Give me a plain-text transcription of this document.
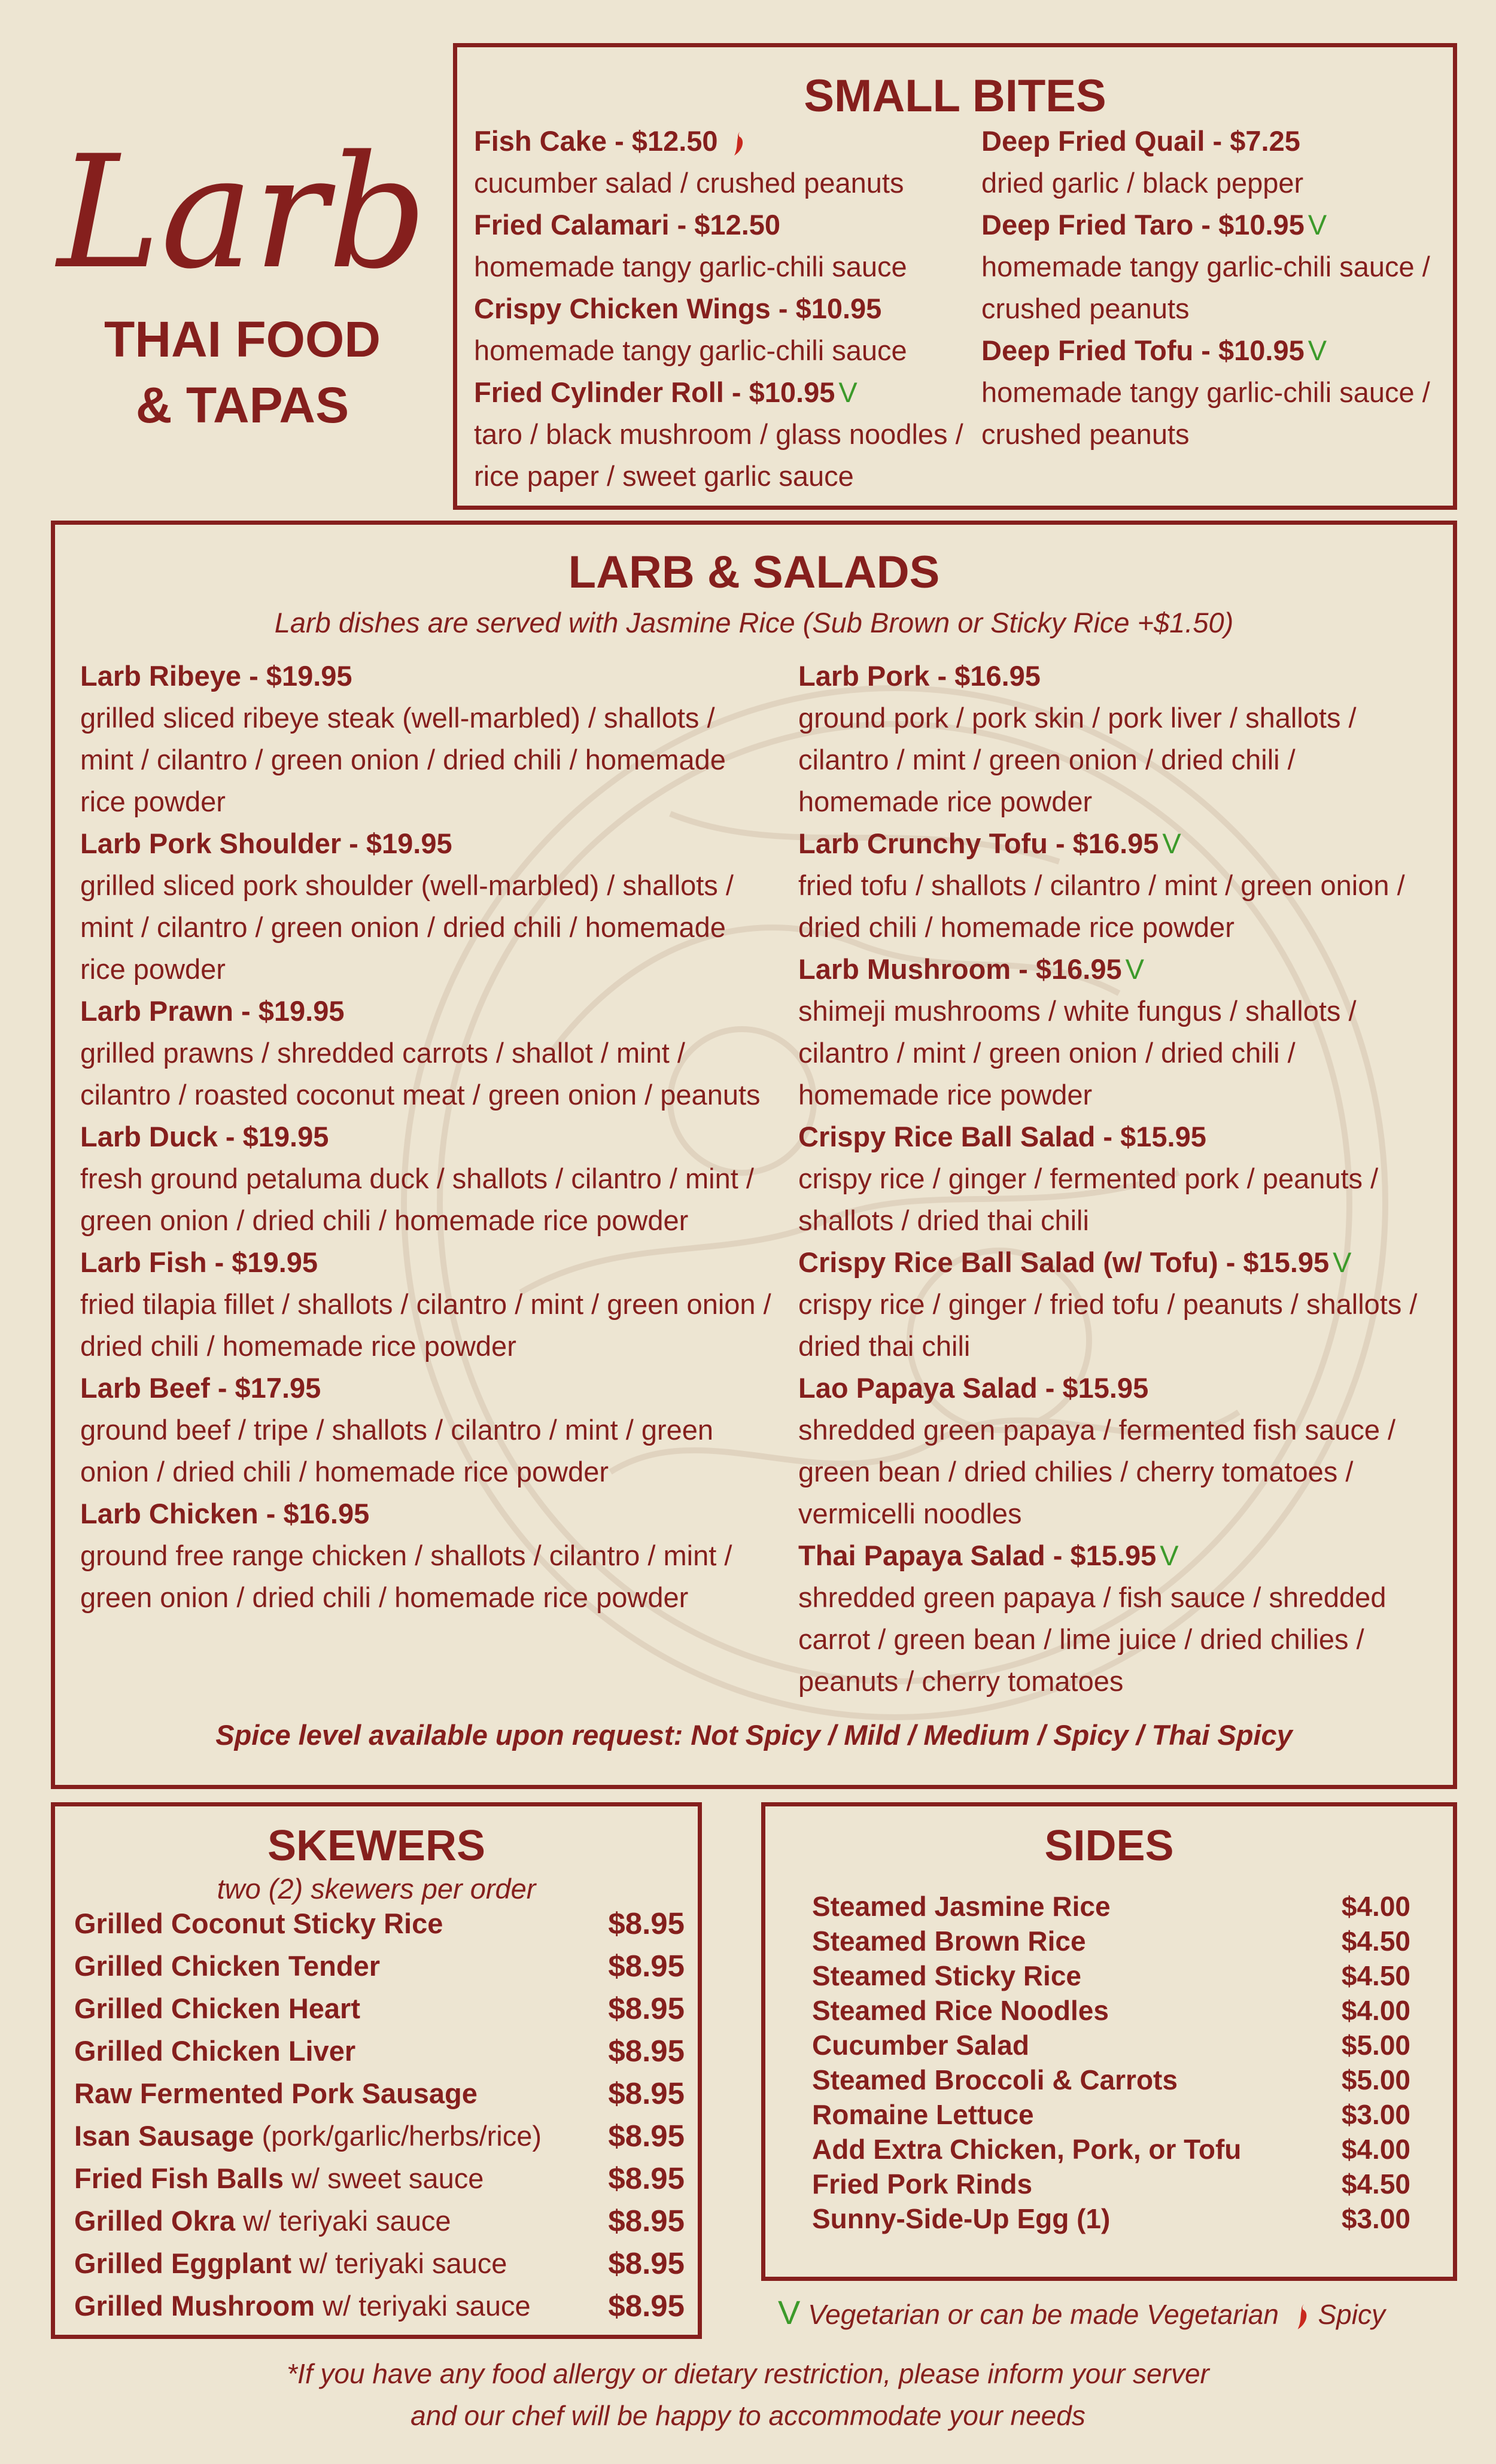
Larb
THAI FOOD
& TAPAS
SMALL BITES
Fish Cake - $12.50
cucumber salad / crushed peanuts
Fried Calamari - $12.50
homemade tangy garlic-chili sauce
Crispy Chicken Wings - $10.95
homemade tangy garlic-chili sauce
Fried Cylinder Roll - $10.95 V
taro / black mushroom / glass noodles / rice paper / sweet garlic sauce
Deep Fried Quail - $7.25
dried garlic / black pepper
Deep Fried Taro - $10.95 V
homemade tangy garlic-chili sauce / crushed peanuts
Deep Fried Tofu - $10.95 V
homemade tangy garlic-chili sauce / crushed peanuts
LARB & SALADS
Larb dishes are served with Jasmine Rice (Sub Brown or Sticky Rice +$1.50)
Larb Ribeye - $19.95
grilled sliced ribeye steak (well-marbled) / shallots / mint / cilantro / green onion / dried chili / homemade rice powder
Larb Pork Shoulder - $19.95
grilled sliced pork shoulder (well-marbled) / shallots / mint / cilantro / green onion / dried chili / homemade rice powder
Larb Prawn - $19.95
grilled prawns / shredded carrots / shallot / mint / cilantro / roasted coconut meat / green onion / peanuts
Larb Duck - $19.95
fresh ground petaluma duck / shallots / cilantro / mint / green onion / dried chili / homemade rice powder
Larb Fish - $19.95
fried tilapia fillet / shallots / cilantro / mint / green onion / dried chili / homemade rice powder
Larb Beef - $17.95
ground beef / tripe / shallots / cilantro / mint / green onion / dried chili / homemade rice powder
Larb Chicken - $16.95
ground free range chicken / shallots / cilantro / mint / green onion / dried chili / homemade rice powder
Larb Pork - $16.95
ground pork / pork skin / pork liver / shallots / cilantro / mint / green onion / dried chili / homemade rice powder
Larb Crunchy Tofu - $16.95 V
fried tofu / shallots / cilantro / mint / green onion / dried chili / homemade rice powder
Larb Mushroom - $16.95 V
shimeji mushrooms / white fungus / shallots / cilantro / mint / green onion / dried chili / homemade rice powder
Crispy Rice Ball Salad - $15.95
crispy rice / ginger / fermented pork / peanuts / shallots / dried thai chili
Crispy Rice Ball Salad (w/ Tofu) - $15.95 V
crispy rice / ginger / fried tofu / peanuts / shallots / dried thai chili
Lao Papaya Salad - $15.95
shredded green papaya / fermented fish sauce / green bean / dried chilies / cherry tomatoes / vermicelli noodles
Thai Papaya Salad - $15.95 V
shredded green papaya / fish sauce / shredded carrot / green bean / lime juice / dried chilies / peanuts / cherry tomatoes
Spice level available upon request: Not Spicy / Mild / Medium / Spicy / Thai Spicy
SKEWERS
two (2) skewers per order
Grilled Coconut Sticky Rice	$8.95
Grilled Chicken Tender	$8.95
Grilled Chicken Heart	$8.95
Grilled Chicken Liver	$8.95
Raw Fermented Pork Sausage	$8.95
Isan Sausage (pork/garlic/herbs/rice)	$8.95
Fried Fish Balls w/ sweet sauce	$8.95
Grilled Okra w/ teriyaki sauce	$8.95
Grilled Eggplant w/ teriyaki sauce	$8.95
Grilled Mushroom w/ teriyaki sauce	$8.95
SIDES
Steamed Jasmine Rice	$4.00
Steamed Brown Rice	$4.50
Steamed Sticky Rice	$4.50
Steamed Rice Noodles	$4.00
Cucumber Salad	$5.00
Steamed Broccoli & Carrots	$5.00
Romaine Lettuce	$3.00
Add Extra Chicken, Pork, or Tofu	$4.00
Fried Pork Rinds	$4.50
Sunny-Side-Up Egg (1)	$3.00
V Vegetarian or can be made Vegetarian Spicy
*If you have any food allergy or dietary restriction, please inform your server
and our chef will be happy to accommodate your needs
